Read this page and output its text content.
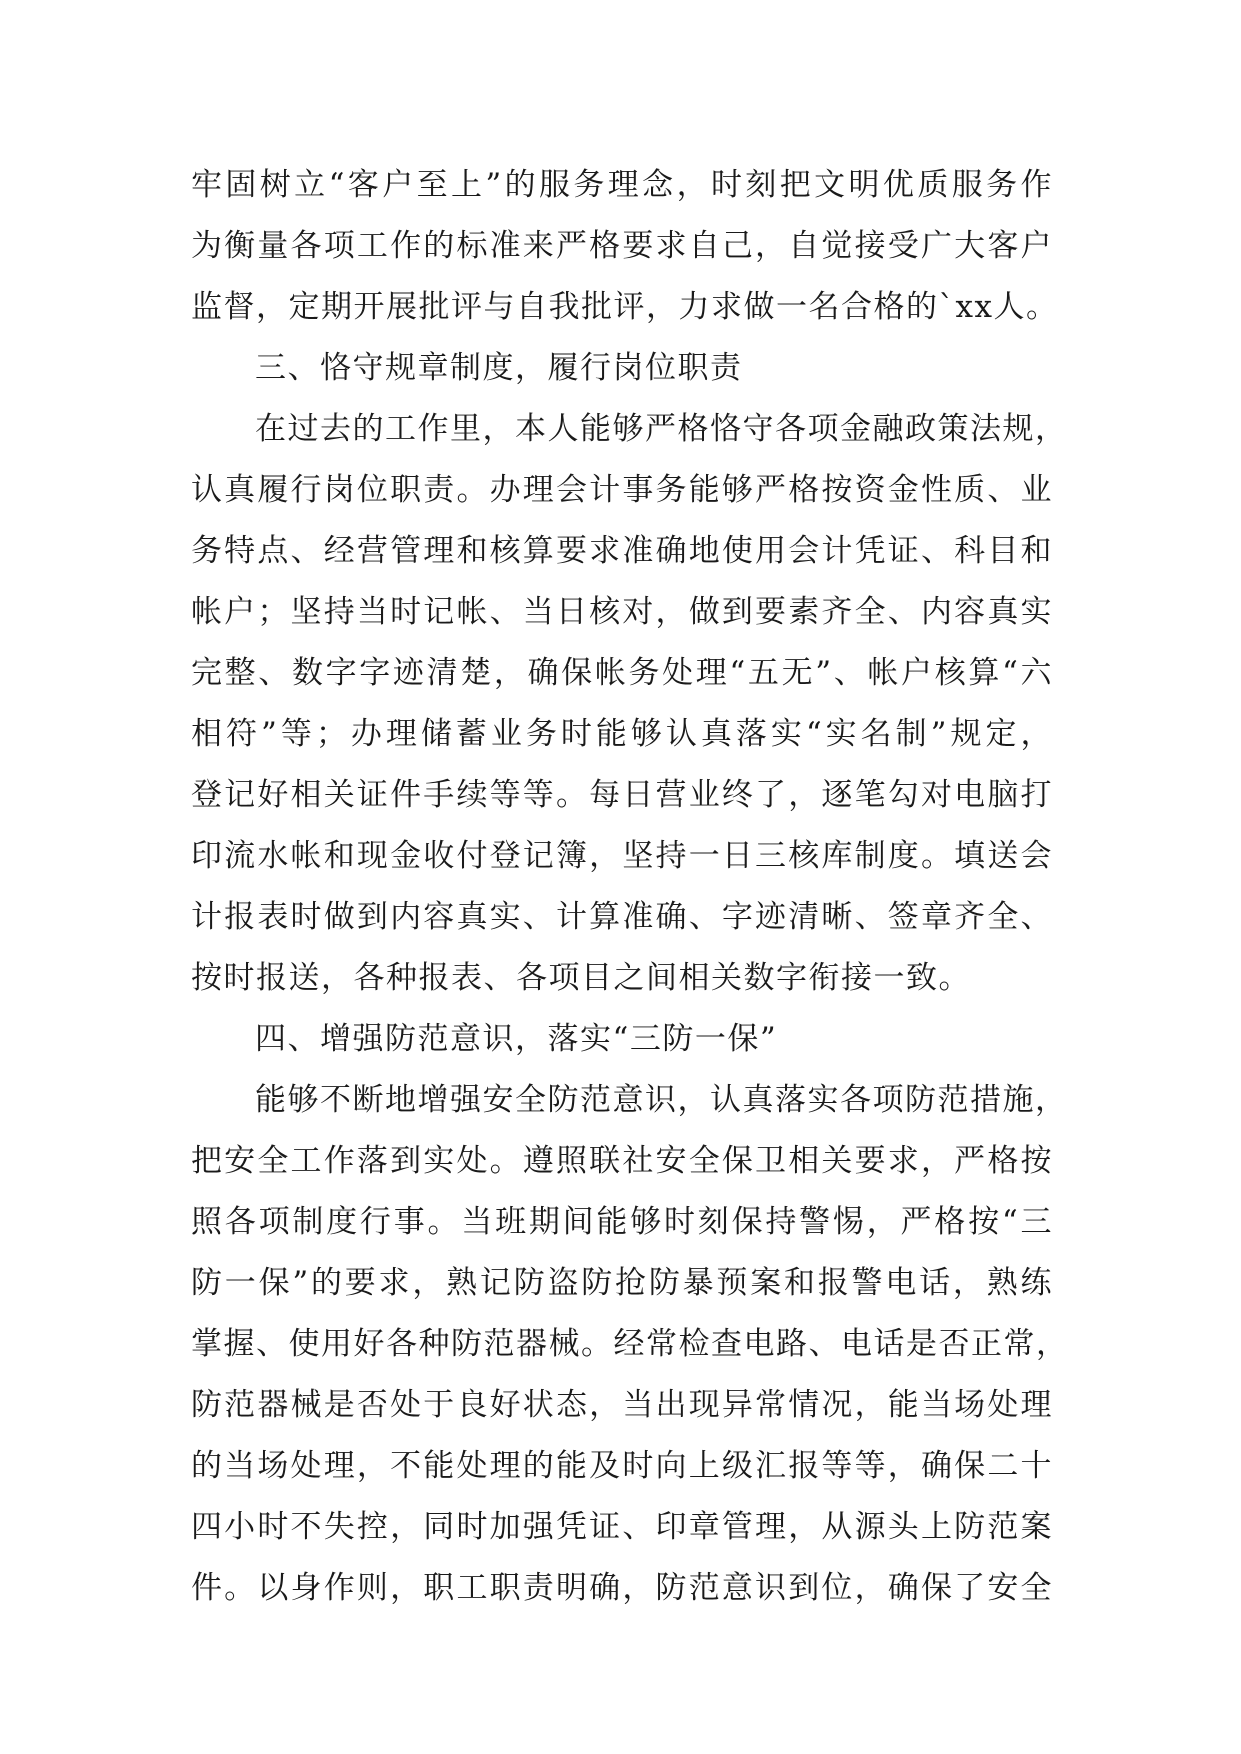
牢固树立“客户至上”的服务理念，时刻把文明优质服务作
为衡量各项工作的标准来严格要求自己，自觉接受广大客户
监督，定期开展批评与自我批评，力求做一名合格的`xx人。
三、恪守规章制度，履行岗位职责
在过去的工作里，本人能够严格恪守各项金融政策法规，
认真履行岗位职责。办理会计事务能够严格按资金性质、业
务特点、经营管理和核算要求准确地使用会计凭证、科目和
帐户；坚持当时记帐、当日核对，做到要素齐全、内容真实
完整、数字字迹清楚，确保帐务处理“五无”、帐户核算“六
相符”等；办理储蓄业务时能够认真落实“实名制”规定，
登记好相关证件手续等等。每日营业终了，逐笔勾对电脑打
印流水帐和现金收付登记簿，坚持一日三核库制度。填送会
计报表时做到内容真实、计算准确、字迹清晰、签章齐全、
按时报送，各种报表、各项目之间相关数字衔接一致。
四、增强防范意识，落实“三防一保”
能够不断地增强安全防范意识，认真落实各项防范措施，
把安全工作落到实处。遵照联社安全保卫相关要求，严格按
照各项制度行事。当班期间能够时刻保持警惕，严格按“三
防一保”的要求，熟记防盗防抢防暴预案和报警电话，熟练
掌握、使用好各种防范器械。经常检查电路、电话是否正常，
防范器械是否处于良好状态，当出现异常情况，能当场处理
的当场处理，不能处理的能及时向上级汇报等等，确保二十
四小时不失控，同时加强凭证、印章管理，从源头上防范案
件。以身作则，职工职责明确，防范意识到位，确保了安全
